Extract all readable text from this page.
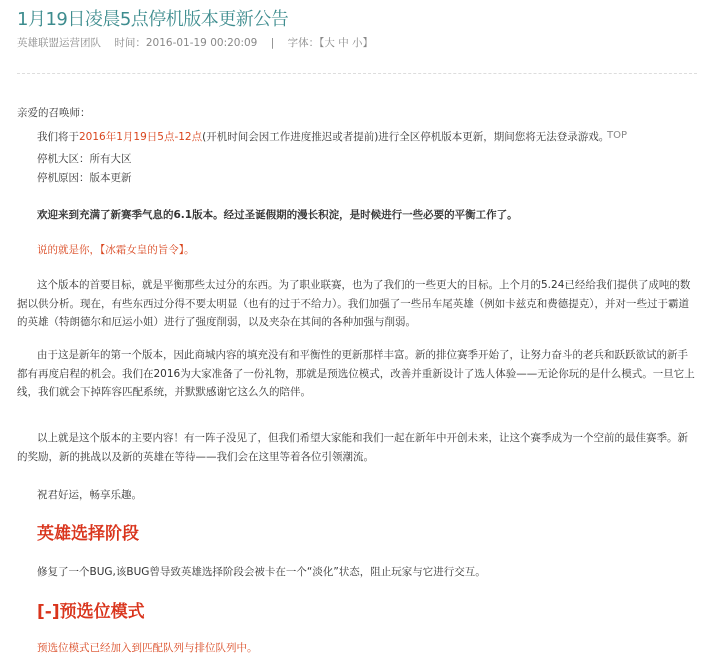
1月19日凌晨5点停机版本更新公告
英雄联盟运营团队 时间：2016-01-19 00:20:09 | 字体：【大 中 小】
亲爱的召唤师：
我们将于2016年1月19日5点-12点(开机时间会因工作进度推迟或者提前)进行全区停机版本更新，期间您将无法登录游戏。
停机大区：所有大区
停机原因：版本更新
欢迎来到充满了新赛季气息的6.1版本。经过圣诞假期的漫长积淀，是时候进行一些必要的平衡工作了。
说的就是你，【冰霜女皇的旨令】。
这个版本的首要目标，就是平衡那些太过分的东西。为了职业联赛，也为了我们的一些更大的目标。上个月的5.24已经给我们提供了成吨的数据以供分析。现在，有些东西过分得不要太明显（也有的过于不给力）。我们加强了一些吊车尾英雄（例如卡兹克和费德提克），并对一些过于霸道的英雄（特朗德尔和厄运小姐）进行了强度削弱，以及夹杂在其间的各种加强与削弱。
由于这是新年的第一个版本，因此商城内容的填充没有和平衡性的更新那样丰富。新的排位赛季开始了，让努力奋斗的老兵和跃跃欲试的新手都有再度启程的机会。我们在2016为大家准备了一份礼物，那就是预选位模式，改善并重新设计了选人体验——无论你玩的是什么模式。一旦它上线，我们就会下掉阵容匹配系统，并默默感谢它这么久的陪伴。
以上就是这个版本的主要内容！有一阵子没见了，但我们希望大家能和我们一起在新年中开创未来，让这个赛季成为一个空前的最佳赛季。新的奖励，新的挑战以及新的英雄在等待——我们会在这里等着各位引领潮流。
祝君好运，畅享乐趣。
英雄选择阶段
修复了一个BUG,该BUG曾导致英雄选择阶段会被卡在一个“淡化”状态，阻止玩家与它进行交互。
[-]预选位模式
预选位模式已经加入到匹配队列与排位队列中。
TOP
